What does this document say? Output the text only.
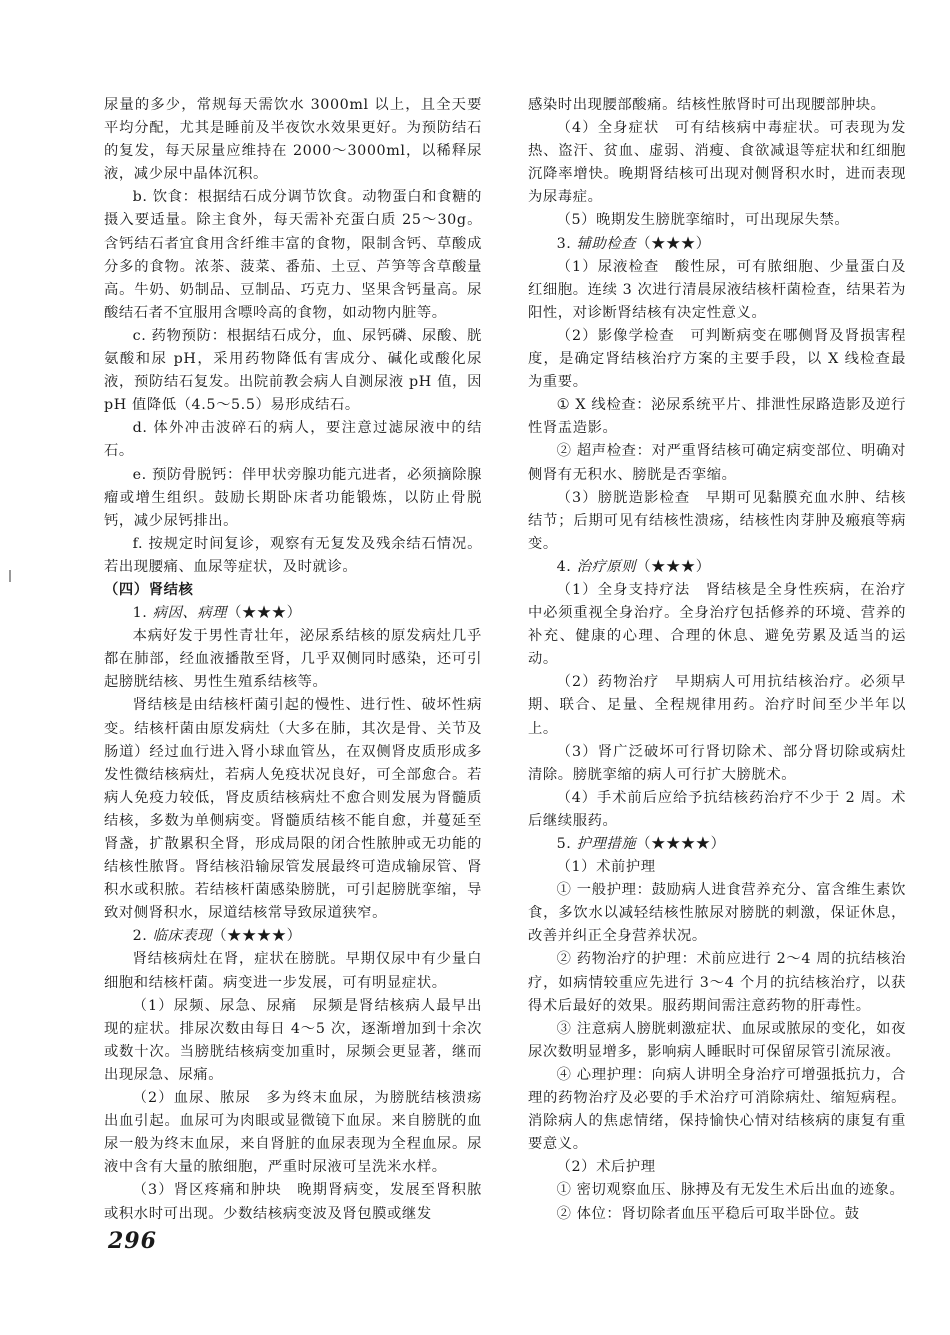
尿量的多少，常规每天需饮水 3000ml 以上，且全天要平均分配，尤其是睡前及半夜饮水效果更好。为预防结石的复发，每天尿量应维持在 2000～3000ml，以稀释尿液，减少尿中晶体沉积。

b. 饮食：根据结石成分调节饮食。动物蛋白和食糖的摄入要适量。除主食外，每天需补充蛋白质 25～30g。含钙结石者宜食用含纤维丰富的食物，限制含钙、草酸成分多的食物。浓茶、菠菜、番茄、土豆、芦笋等含草酸量高。牛奶、奶制品、豆制品、巧克力、坚果含钙量高。尿酸结石者不宜服用含嘌呤高的食物，如动物内脏等。

c. 药物预防：根据结石成分，血、尿钙磷、尿酸、胱氨酸和尿 pH，采用药物降低有害成分、碱化或酸化尿液，预防结石复发。出院前教会病人自测尿液 pH 值，因 pH 值降低（4.5～5.5）易形成结石。

d. 体外冲击波碎石的病人，要注意过滤尿液中的结石。

e. 预防骨脱钙：伴甲状旁腺功能亢进者，必须摘除腺瘤或增生组织。鼓励长期卧床者功能锻炼，以防止骨脱钙，减少尿钙排出。

f. 按规定时间复诊，观察有无复发及残余结石情况。若出现腰痛、血尿等症状，及时就诊。

（四）肾结核

1. 病因、病理（★★★）

本病好发于男性青壮年，泌尿系结核的原发病灶几乎都在肺部，经血液播散至肾，几乎双侧同时感染，还可引起膀胱结核、男性生殖系结核等。

肾结核是由结核杆菌引起的慢性、进行性、破坏性病变。结核杆菌由原发病灶（大多在肺，其次是骨、关节及肠道）经过血行进入肾小球血管丛，在双侧肾皮质形成多发性微结核病灶，若病人免疫状况良好，可全部愈合。若病人免疫力较低，肾皮质结核病灶不愈合则发展为肾髓质结核，多数为单侧病变。肾髓质结核不能自愈，并蔓延至肾盏，扩散累积全肾，形成局限的闭合性脓肿或无功能的结核性脓肾。肾结核沿输尿管发展最终可造成输尿管、肾积水或积脓。若结核杆菌感染膀胱，可引起膀胱挛缩，导致对侧肾积水，尿道结核常导致尿道狭窄。

2. 临床表现（★★★★）

肾结核病灶在肾，症状在膀胱。早期仅尿中有少量白细胞和结核杆菌。病变进一步发展，可有明显症状。

（1）尿频、尿急、尿痛　尿频是肾结核病人最早出现的症状。排尿次数由每日 4～5 次，逐渐增加到十余次或数十次。当膀胱结核病变加重时，尿频会更显著，继而出现尿急、尿痛。

（2）血尿、脓尿　多为终末血尿，为膀胱结核溃疡出血引起。血尿可为肉眼或显微镜下血尿。来自膀胱的血尿一般为终末血尿，来自肾脏的血尿表现为全程血尿。尿液中含有大量的脓细胞，严重时尿液可呈洗米水样。

（3）肾区疼痛和肿块　晚期肾病变，发展至肾积脓或积水时可出现。少数结核病变波及肾包膜或继发

感染时出现腰部酸痛。结核性脓肾时可出现腰部肿块。

（4）全身症状　可有结核病中毒症状。可表现为发热、盗汗、贫血、虚弱、消瘦、食欲减退等症状和红细胞沉降率增快。晚期肾结核可出现对侧肾积水时，进而表现为尿毒症。

（5）晚期发生膀胱挛缩时，可出现尿失禁。

3. 辅助检查（★★★）

（1）尿液检查　酸性尿，可有脓细胞、少量蛋白及红细胞。连续 3 次进行清晨尿液结核杆菌检查，结果若为阳性，对诊断肾结核有决定性意义。

（2）影像学检查　可判断病变在哪侧肾及肾损害程度，是确定肾结核治疗方案的主要手段，以 X 线检查最为重要。

① X 线检查：泌尿系统平片、排泄性尿路造影及逆行性肾盂造影。

② 超声检查：对严重肾结核可确定病变部位、明确对侧肾有无积水、膀胱是否挛缩。

（3）膀胱造影检查　早期可见黏膜充血水肿、结核结节；后期可见有结核性溃疡，结核性肉芽肿及瘢痕等病变。

4. 治疗原则（★★★）

（1）全身支持疗法　肾结核是全身性疾病，在治疗中必须重视全身治疗。全身治疗包括修养的环境、营养的补充、健康的心理、合理的休息、避免劳累及适当的运动。

（2）药物治疗　早期病人可用抗结核治疗。必须早期、联合、足量、全程规律用药。治疗时间至少半年以上。

（3）肾广泛破坏可行肾切除术、部分肾切除或病灶清除。膀胱挛缩的病人可行扩大膀胱术。

（4）手术前后应给予抗结核药治疗不少于 2 周。术后继续服药。

5. 护理措施（★★★★）

（1）术前护理

① 一般护理：鼓励病人进食营养充分、富含维生素饮食，多饮水以减轻结核性脓尿对膀胱的刺激，保证休息，改善并纠正全身营养状况。

② 药物治疗的护理：术前应进行 2～4 周的抗结核治疗，如病情较重应先进行 3～4 个月的抗结核治疗，以获得术后最好的效果。服药期间需注意药物的肝毒性。

③ 注意病人膀胱刺激症状、血尿或脓尿的变化，如夜尿次数明显增多，影响病人睡眠时可保留尿管引流尿液。

④ 心理护理：向病人讲明全身治疗可增强抵抗力，合理的药物治疗及必要的手术治疗可消除病灶、缩短病程。消除病人的焦虑情绪，保持愉快心情对结核病的康复有重要意义。

（2）术后护理

① 密切观察血压、脉搏及有无发生术后出血的迹象。

② 体位：肾切除者血压平稳后可取半卧位。鼓

296
